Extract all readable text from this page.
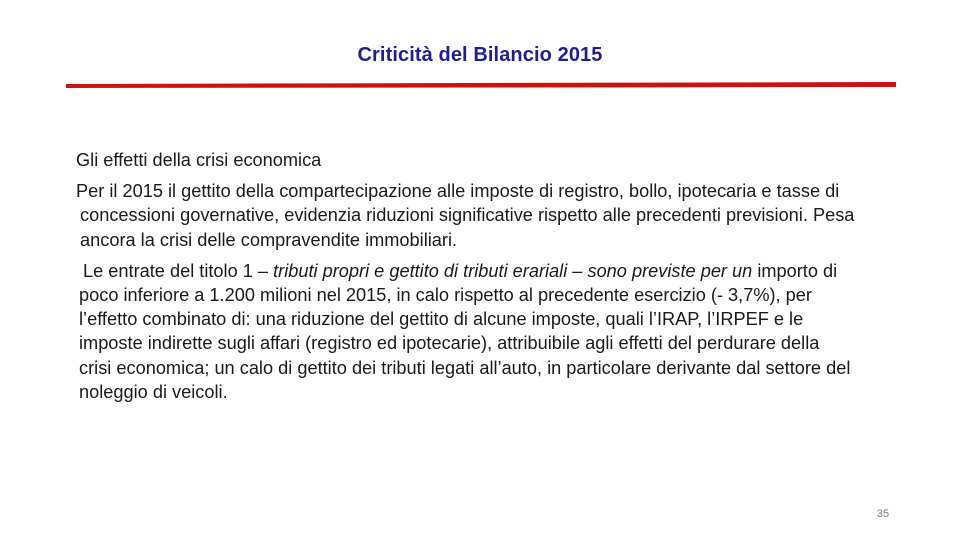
Criticità del Bilancio 2015

Gli effetti della crisi economica

Per il 2015 il gettito della compartecipazione alle imposte di registro, bollo, ipotecaria e tasse di concessioni governative, evidenzia riduzioni significative rispetto alle precedenti previsioni. Pesa ancora la crisi delle compravendite immobiliari.

Le entrate del titolo 1 – tributi propri e gettito di tributi erariali – sono previste per un importo di poco inferiore a 1.200 milioni nel 2015, in calo rispetto al precedente esercizio (- 3,7%), per l’effetto combinato di: una riduzione del gettito di alcune imposte, quali l’IRAP, l’IRPEF e le imposte indirette sugli affari (registro ed ipotecarie), attribuibile agli effetti del perdurare della crisi economica; un calo di gettito dei tributi legati all’auto, in particolare derivante dal settore del noleggio di veicoli.

35
